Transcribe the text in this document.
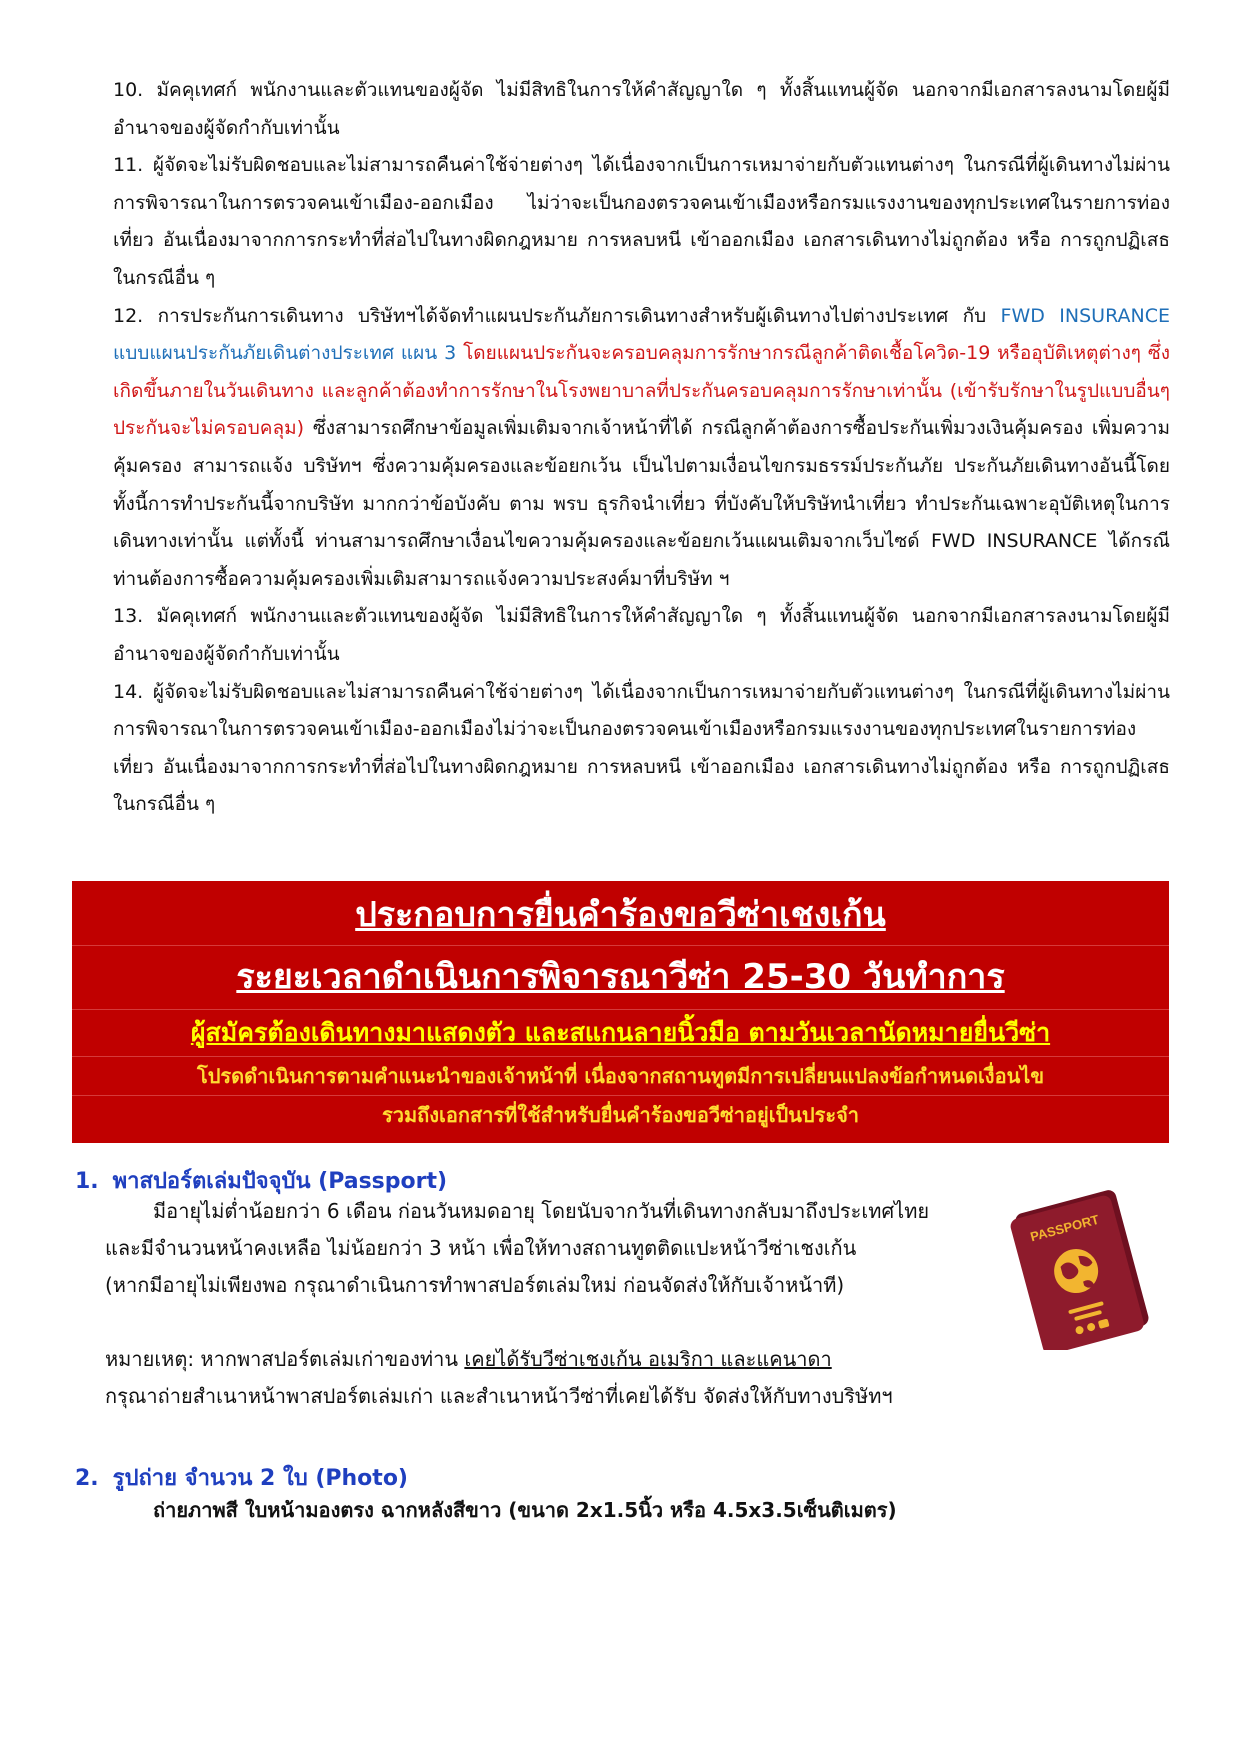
10. มัคคุเทศก์ พนักงานและตัวแทนของผู้จัด ไม่มีสิทธิในการให้คำสัญญาใด ๆ ทั้งสิ้นแทนผู้จัด นอกจากมีเอกสารลงนามโดยผู้มีอำนาจของผู้จัดกำกับเท่านั้น

11. ผู้จัดจะไม่รับผิดชอบและไม่สามารถคืนค่าใช้จ่ายต่างๆ ได้เนื่องจากเป็นการเหมาจ่ายกับตัวแทนต่างๆ ในกรณีที่ผู้เดินทางไม่ผ่านการพิจารณาในการตรวจคนเข้าเมือง-ออกเมือง ไม่ว่าจะเป็นกองตรวจคนเข้าเมืองหรือกรมแรงงานของทุกประเทศในรายการท่องเที่ยว อันเนื่องมาจากการกระทำที่ส่อไปในทางผิดกฎหมาย การหลบหนี เข้าออกเมือง เอกสารเดินทางไม่ถูกต้อง หรือ การถูกปฏิเสธในกรณีอื่น ๆ

12. การประกันการเดินทาง บริษัทฯได้จัดทำแผนประกันภัยการเดินทางสำหรับผู้เดินทางไปต่างประเทศ กับ FWD INSURANCE แบบแผนประกันภัยเดินต่างประเทศ แผน 3 โดยแผนประกันจะครอบคลุมการรักษากรณีลูกค้าติดเชื้อโควิด-19 หรืออุบัติเหตุต่างๆ ซึ่งเกิดขึ้นภายในวันเดินทาง และลูกค้าต้องทำการรักษาในโรงพยาบาลที่ประกันครอบคลุมการรักษาเท่านั้น (เข้ารับรักษาในรูปแบบอื่นๆประกันจะไม่ครอบคลุม) ซึ่งสามารถศึกษาข้อมูลเพิ่มเติมจากเจ้าหน้าที่ได้ กรณีลูกค้าต้องการซื้อประกันเพิ่มวงเงินคุ้มครอง เพิ่มความคุ้มครอง สามารถแจ้ง บริษัทฯ ซึ่งความคุ้มครองและข้อยกเว้น เป็นไปตามเงื่อนไขกรมธรรม์ประกันภัย ประกันภัยเดินทางอันนี้โดยทั้งนี้การทำประกันนี้จากบริษัท มากกว่าข้อบังคับ ตาม พรบ ธุรกิจนำเที่ยว ที่บังคับให้บริษัทนำเที่ยว ทำประกันเฉพาะอุบัติเหตุในการเดินทางเท่านั้น แต่ทั้งนี้ ท่านสามารถศึกษาเงื่อนไขความคุ้มครองและข้อยกเว้นแผนเติมจากเว็บไซด์ FWD INSURANCE ได้กรณีท่านต้องการซื้อความคุ้มครองเพิ่มเติมสามารถแจ้งความประสงค์มาที่บริษัท ฯ

13. มัคคุเทศก์ พนักงานและตัวแทนของผู้จัด ไม่มีสิทธิในการให้คำสัญญาใด ๆ ทั้งสิ้นแทนผู้จัด นอกจากมีเอกสารลงนามโดยผู้มีอำนาจของผู้จัดกำกับเท่านั้น

14. ผู้จัดจะไม่รับผิดชอบและไม่สามารถคืนค่าใช้จ่ายต่างๆ ได้เนื่องจากเป็นการเหมาจ่ายกับตัวแทนต่างๆ ในกรณีที่ผู้เดินทางไม่ผ่านการพิจารณาในการตรวจคนเข้าเมือง-ออกเมืองไม่ว่าจะเป็นกองตรวจคนเข้าเมืองหรือกรมแรงงานของทุกประเทศในรายการท่องเที่ยว อันเนื่องมาจากการกระทำที่ส่อไปในทางผิดกฎหมาย การหลบหนี เข้าออกเมือง เอกสารเดินทางไม่ถูกต้อง หรือ การถูกปฏิเสธในกรณีอื่น ๆ

ประกอบการยื่นคำร้องขอวีซ่าเชงเก้น
ระยะเวลาดำเนินการพิจารณาวีซ่า 25-30 วันทำการ
ผู้สมัครต้องเดินทางมาแสดงตัว และสแกนลายนิ้วมือ ตามวันเวลานัดหมายยื่นวีซ่า
โปรดดำเนินการตามคำแนะนำของเจ้าหน้าที่ เนื่องจากสถานทูตมีการเปลี่ยนแปลงข้อกำหนดเงื่อนไข
รวมถึงเอกสารที่ใช้สำหรับยื่นคำร้องขอวีซ่าอยู่เป็นประจำ
1. พาสปอร์ตเล่มปัจจุบัน (Passport)

มีอายุไม่ต่ำน้อยกว่า 6 เดือน ก่อนวันหมดอายุ โดยนับจากวันที่เดินทางกลับมาถึงประเทศไทย

และมีจำนวนหน้าคงเหลือ ไม่น้อยกว่า 3 หน้า เพื่อให้ทางสถานทูตติดแปะหน้าวีซ่าเชงเก้น

(หากมีอายุไม่เพียงพอ กรุณาดำเนินการทำพาสปอร์ตเล่มใหม่ ก่อนจัดส่งให้กับเจ้าหน้าที)

หมายเหตุ: หากพาสปอร์ตเล่มเก่าของท่าน เคยได้รับวีซ่าเชงเก้น อเมริกา และแคนาดา

กรุณาถ่ายสำเนาหน้าพาสปอร์ตเล่มเก่า และสำเนาหน้าวีซ่าที่เคยได้รับ จัดส่งให้กับทางบริษัทฯ

PASSPORT
2. รูปถ่าย จำนวน 2 ใบ (Photo)

ถ่ายภาพสี ใบหน้ามองตรง ฉากหลังสีขาว (ขนาด 2x1.5นิ้ว หรือ 4.5x3.5เซ็นติเมตร)
